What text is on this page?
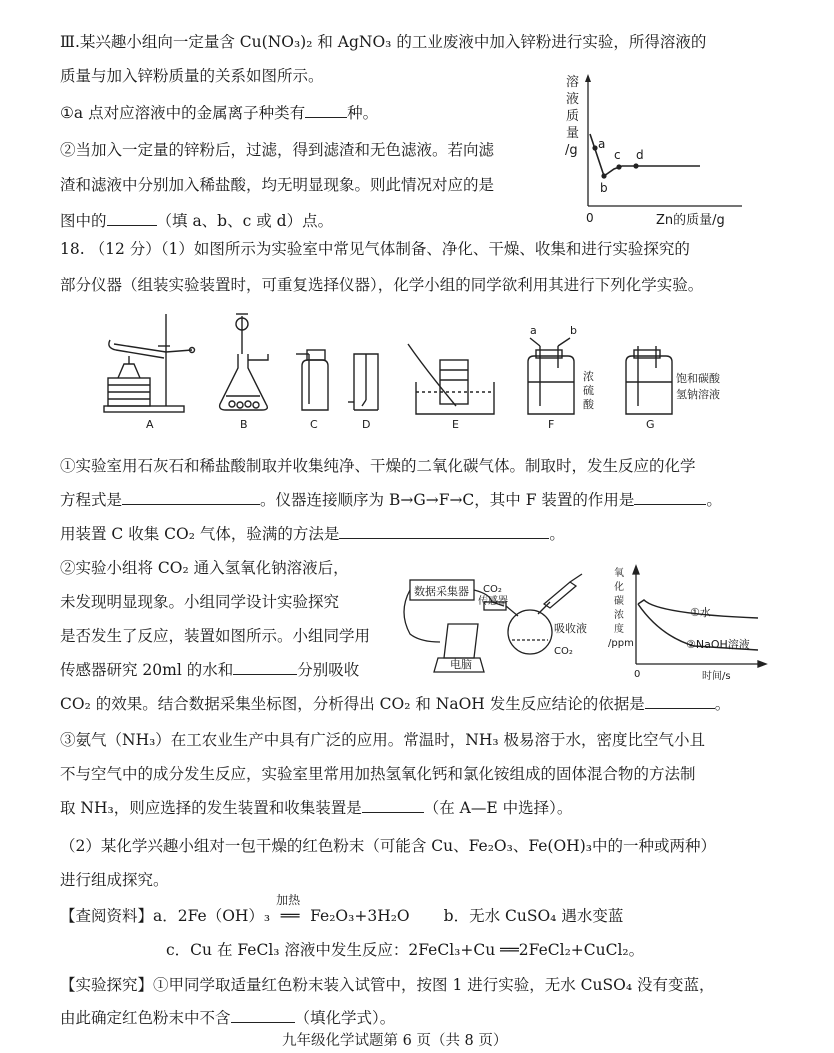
Ⅲ.某兴趣小组向一定量含 Cu(NO₃)₂ 和 AgNO₃ 的工业废液中加入锌粉进行实验，所得溶液的
质量与加入锌粉质量的关系如图所示。
①a 点对应溶液中的金属离子种类有	种。
②当加入一定量的锌粉后，过滤，得到滤渣和无色滤液。若向滤
渣和滤液中分别加入稀盐酸，均无明显现象。则此情况对应的是
图中的	（填 a、b、c 或 d）点。
溶
液
质
量
/g a
b
c d
0	Zn的质量/g
18. （12 分）（1）如图所示为实验室中常见气体制备、净化、干燥、收集和进行实验探究的
部分仪器（组装实验装置时，可重复选择仪器），化学小组的同学欲利用其进行下列化学实验。
a	b
浓
硫
酸
饱和碳酸
氢钠溶液
A	B	C	D	E	F	G
①实验室用石灰石和稀盐酸制取并收集纯净、干燥的二氧化碳气体。制取时，发生反应的化学
方程式是	。仪器连接顺序为 B→G→F→C，其中 F 装置的作用是	。
用装置 C 收集 CO₂ 气体，验满的方法是	。
②实验小组将 CO₂ 通入氢氧化钠溶液后，
未发现明显现象。小组同学设计实验探究
是否发生了反应，装置如图所示。小组同学用
传感器研究 20ml 的水和	分别吸收
CO₂ 的效果。结合数据采集坐标图，分析得出 CO₂ 和 NaOH 发生反应结论的依据是	。
数据采集器 CO₂
传感器
吸收液
CO₂
电脑
氧
化
碳
浓
度
/ppm
①水
②NaOH溶液
0	时间/s
③氨气（NH₃）在工农业生产中具有广泛的应用。常温时，NH₃ 极易溶于水，密度比空气小且
不与空气中的成分发生反应，实验室里常用加热氢氧化钙和氯化铵组成的固体混合物的方法制
取 NH₃，则应选择的发生装置和收集装置是	（在 A—E 中选择）。
（2）某化学兴趣小组对一包干燥的红色粉末（可能含 Cu、Fe₂O₃、Fe(OH)₃中的一种或两种）
进行组成探究。
【查阅资料】a．2Fe（OH）₃
加热
══ Fe₂O₃+3H₂O b．无水 CuSO₄ 遇水变蓝
c．Cu 在 FeCl₃ 溶液中发生反应：2FeCl₃+Cu ══2FeCl₂+CuCl₂。
【实验探究】①甲同学取适量红色粉末装入试管中，按图 1 进行实验，无水 CuSO₄ 没有变蓝，
由此确定红色粉末中不含	（填化学式）。
九年级化学试题第 6 页（共 8 页）
